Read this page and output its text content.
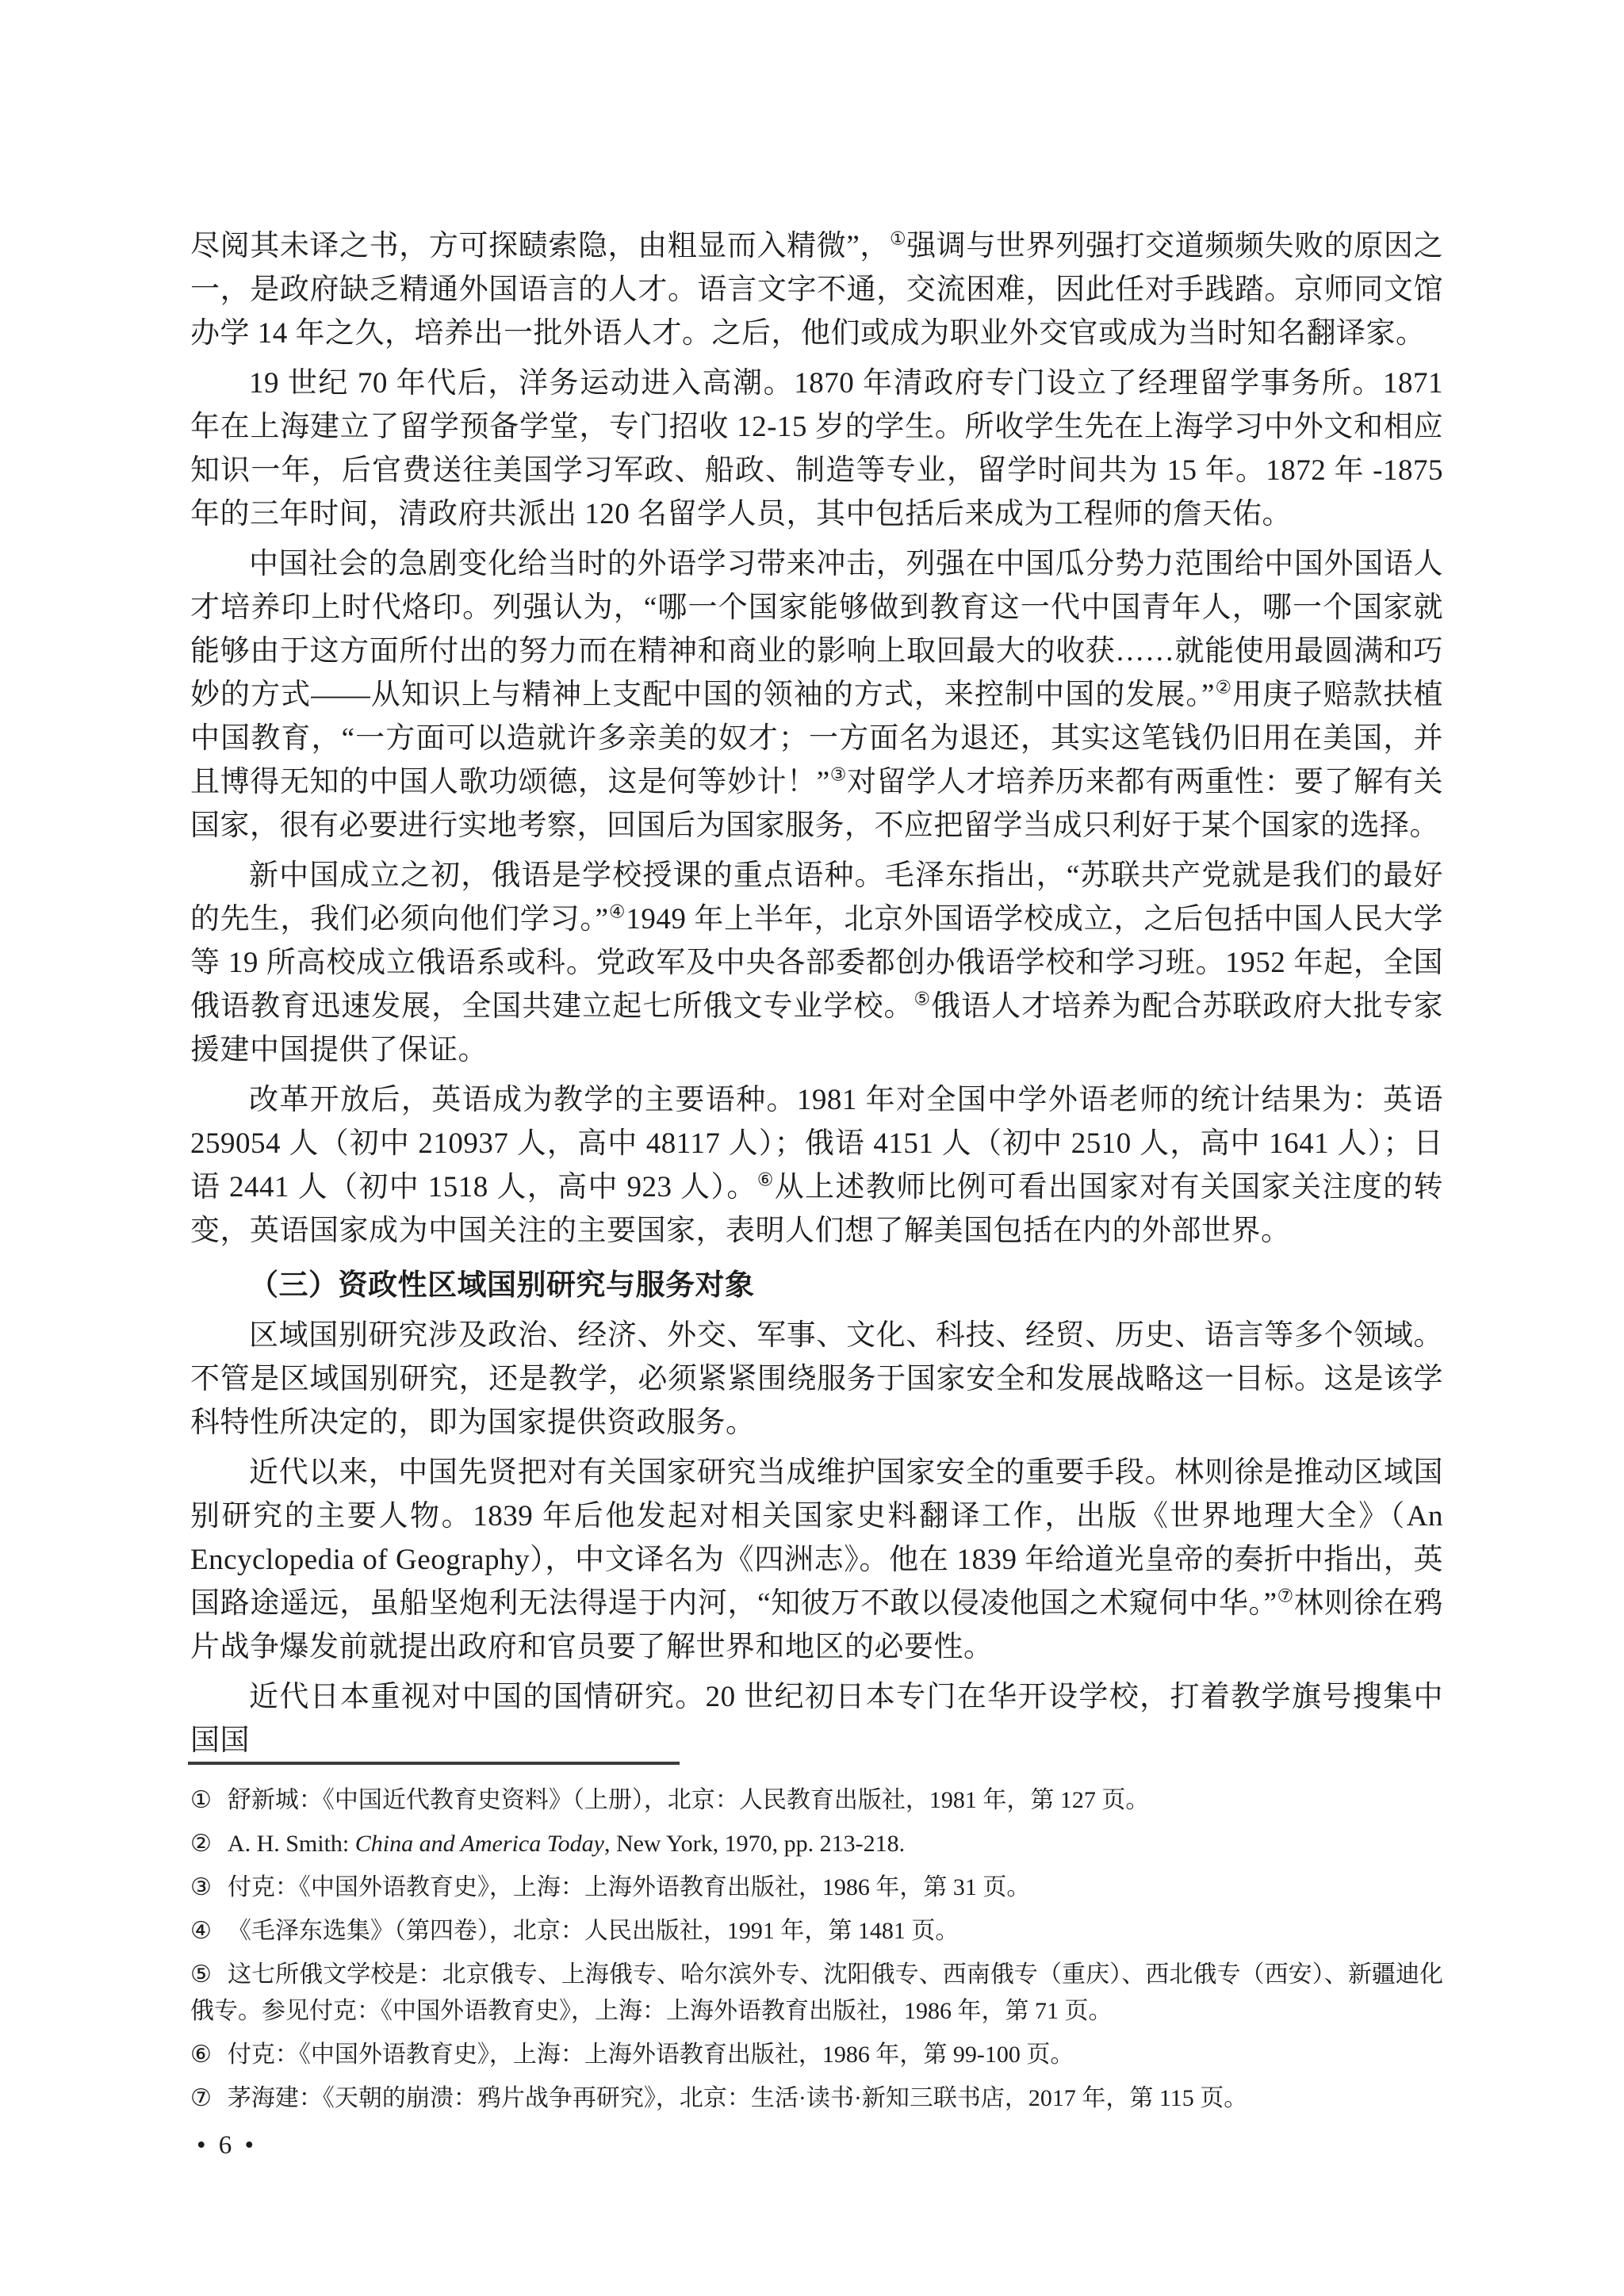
尽阅其未译之书，方可探赜索隐，由粗显而入精微”，①强调与世界列强打交道频频失败的原因之一，是政府缺乏精通外国语言的人才。语言文字不通，交流困难，因此任对手践踏。京师同文馆办学 14 年之久，培养出一批外语人才。之后，他们或成为职业外交官或成为当时知名翻译家。

19 世纪 70 年代后，洋务运动进入高潮。1870 年清政府专门设立了经理留学事务所。1871 年在上海建立了留学预备学堂，专门招收 12-15 岁的学生。所收学生先在上海学习中外文和相应知识一年，后官费送往美国学习军政、船政、制造等专业，留学时间共为 15 年。1872 年 -1875 年的三年时间，清政府共派出 120 名留学人员，其中包括后来成为工程师的詹天佑。

中国社会的急剧变化给当时的外语学习带来冲击，列强在中国瓜分势力范围给中国外国语人才培养印上时代烙印。列强认为，“哪一个国家能够做到教育这一代中国青年人，哪一个国家就能够由于这方面所付出的努力而在精神和商业的影响上取回最大的收获……就能使用最圆满和巧妙的方式——从知识上与精神上支配中国的领袖的方式，来控制中国的发展。”②用庚子赔款扶植中国教育，“一方面可以造就许多亲美的奴才；一方面名为退还，其实这笔钱仍旧用在美国，并且博得无知的中国人歌功颂德，这是何等妙计！”③对留学人才培养历来都有两重性：要了解有关国家，很有必要进行实地考察，回国后为国家服务，不应把留学当成只利好于某个国家的选择。

新中国成立之初，俄语是学校授课的重点语种。毛泽东指出，“苏联共产党就是我们的最好的先生，我们必须向他们学习。”④1949 年上半年，北京外国语学校成立，之后包括中国人民大学等 19 所高校成立俄语系或科。党政军及中央各部委都创办俄语学校和学习班。1952 年起，全国俄语教育迅速发展，全国共建立起七所俄文专业学校。⑤俄语人才培养为配合苏联政府大批专家援建中国提供了保证。

改革开放后，英语成为教学的主要语种。1981 年对全国中学外语老师的统计结果为：英语 259054 人（初中 210937 人，高中 48117 人）；俄语 4151 人（初中 2510 人，高中 1641 人）；日语 2441 人（初中 1518 人，高中 923 人）。⑥从上述教师比例可看出国家对有关国家关注度的转变，英语国家成为中国关注的主要国家，表明人们想了解美国包括在内的外部世界。

（三）资政性区域国别研究与服务对象

区域国别研究涉及政治、经济、外交、军事、文化、科技、经贸、历史、语言等多个领域。不管是区域国别研究，还是教学，必须紧紧围绕服务于国家安全和发展战略这一目标。这是该学科特性所决定的，即为国家提供资政服务。

近代以来，中国先贤把对有关国家研究当成维护国家安全的重要手段。林则徐是推动区域国别研究的主要人物。1839 年后他发起对相关国家史料翻译工作，出版《世界地理大全》（An Encyclopedia of Geography），中文译名为《四洲志》。他在 1839 年给道光皇帝的奏折中指出，英国路途遥远，虽船坚炮利无法得逞于内河，“知彼万不敢以侵凌他国之术窥伺中华。”⑦林则徐在鸦片战争爆发前就提出政府和官员要了解世界和地区的必要性。

近代日本重视对中国的国情研究。20 世纪初日本专门在华开设学校，打着教学旗号搜集中国国

① 舒新城：《中国近代教育史资料》（上册），北京：人民教育出版社，1981 年，第 127 页。
② A. H. Smith: China and America Today, New York, 1970, pp. 213-218.
③ 付克：《中国外语教育史》，上海：上海外语教育出版社，1986 年，第 31 页。
④ 《毛泽东选集》（第四卷），北京：人民出版社，1991 年，第 1481 页。
⑤ 这七所俄文学校是：北京俄专、上海俄专、哈尔滨外专、沈阳俄专、西南俄专（重庆）、西北俄专（西安）、新疆迪化俄专。参见付克：《中国外语教育史》，上海：上海外语教育出版社，1986 年，第 71 页。
⑥ 付克：《中国外语教育史》，上海：上海外语教育出版社，1986 年，第 99-100 页。
⑦ 茅海建：《天朝的崩溃：鸦片战争再研究》，北京：生活·读书·新知三联书店，2017 年，第 115 页。
• 6 •
